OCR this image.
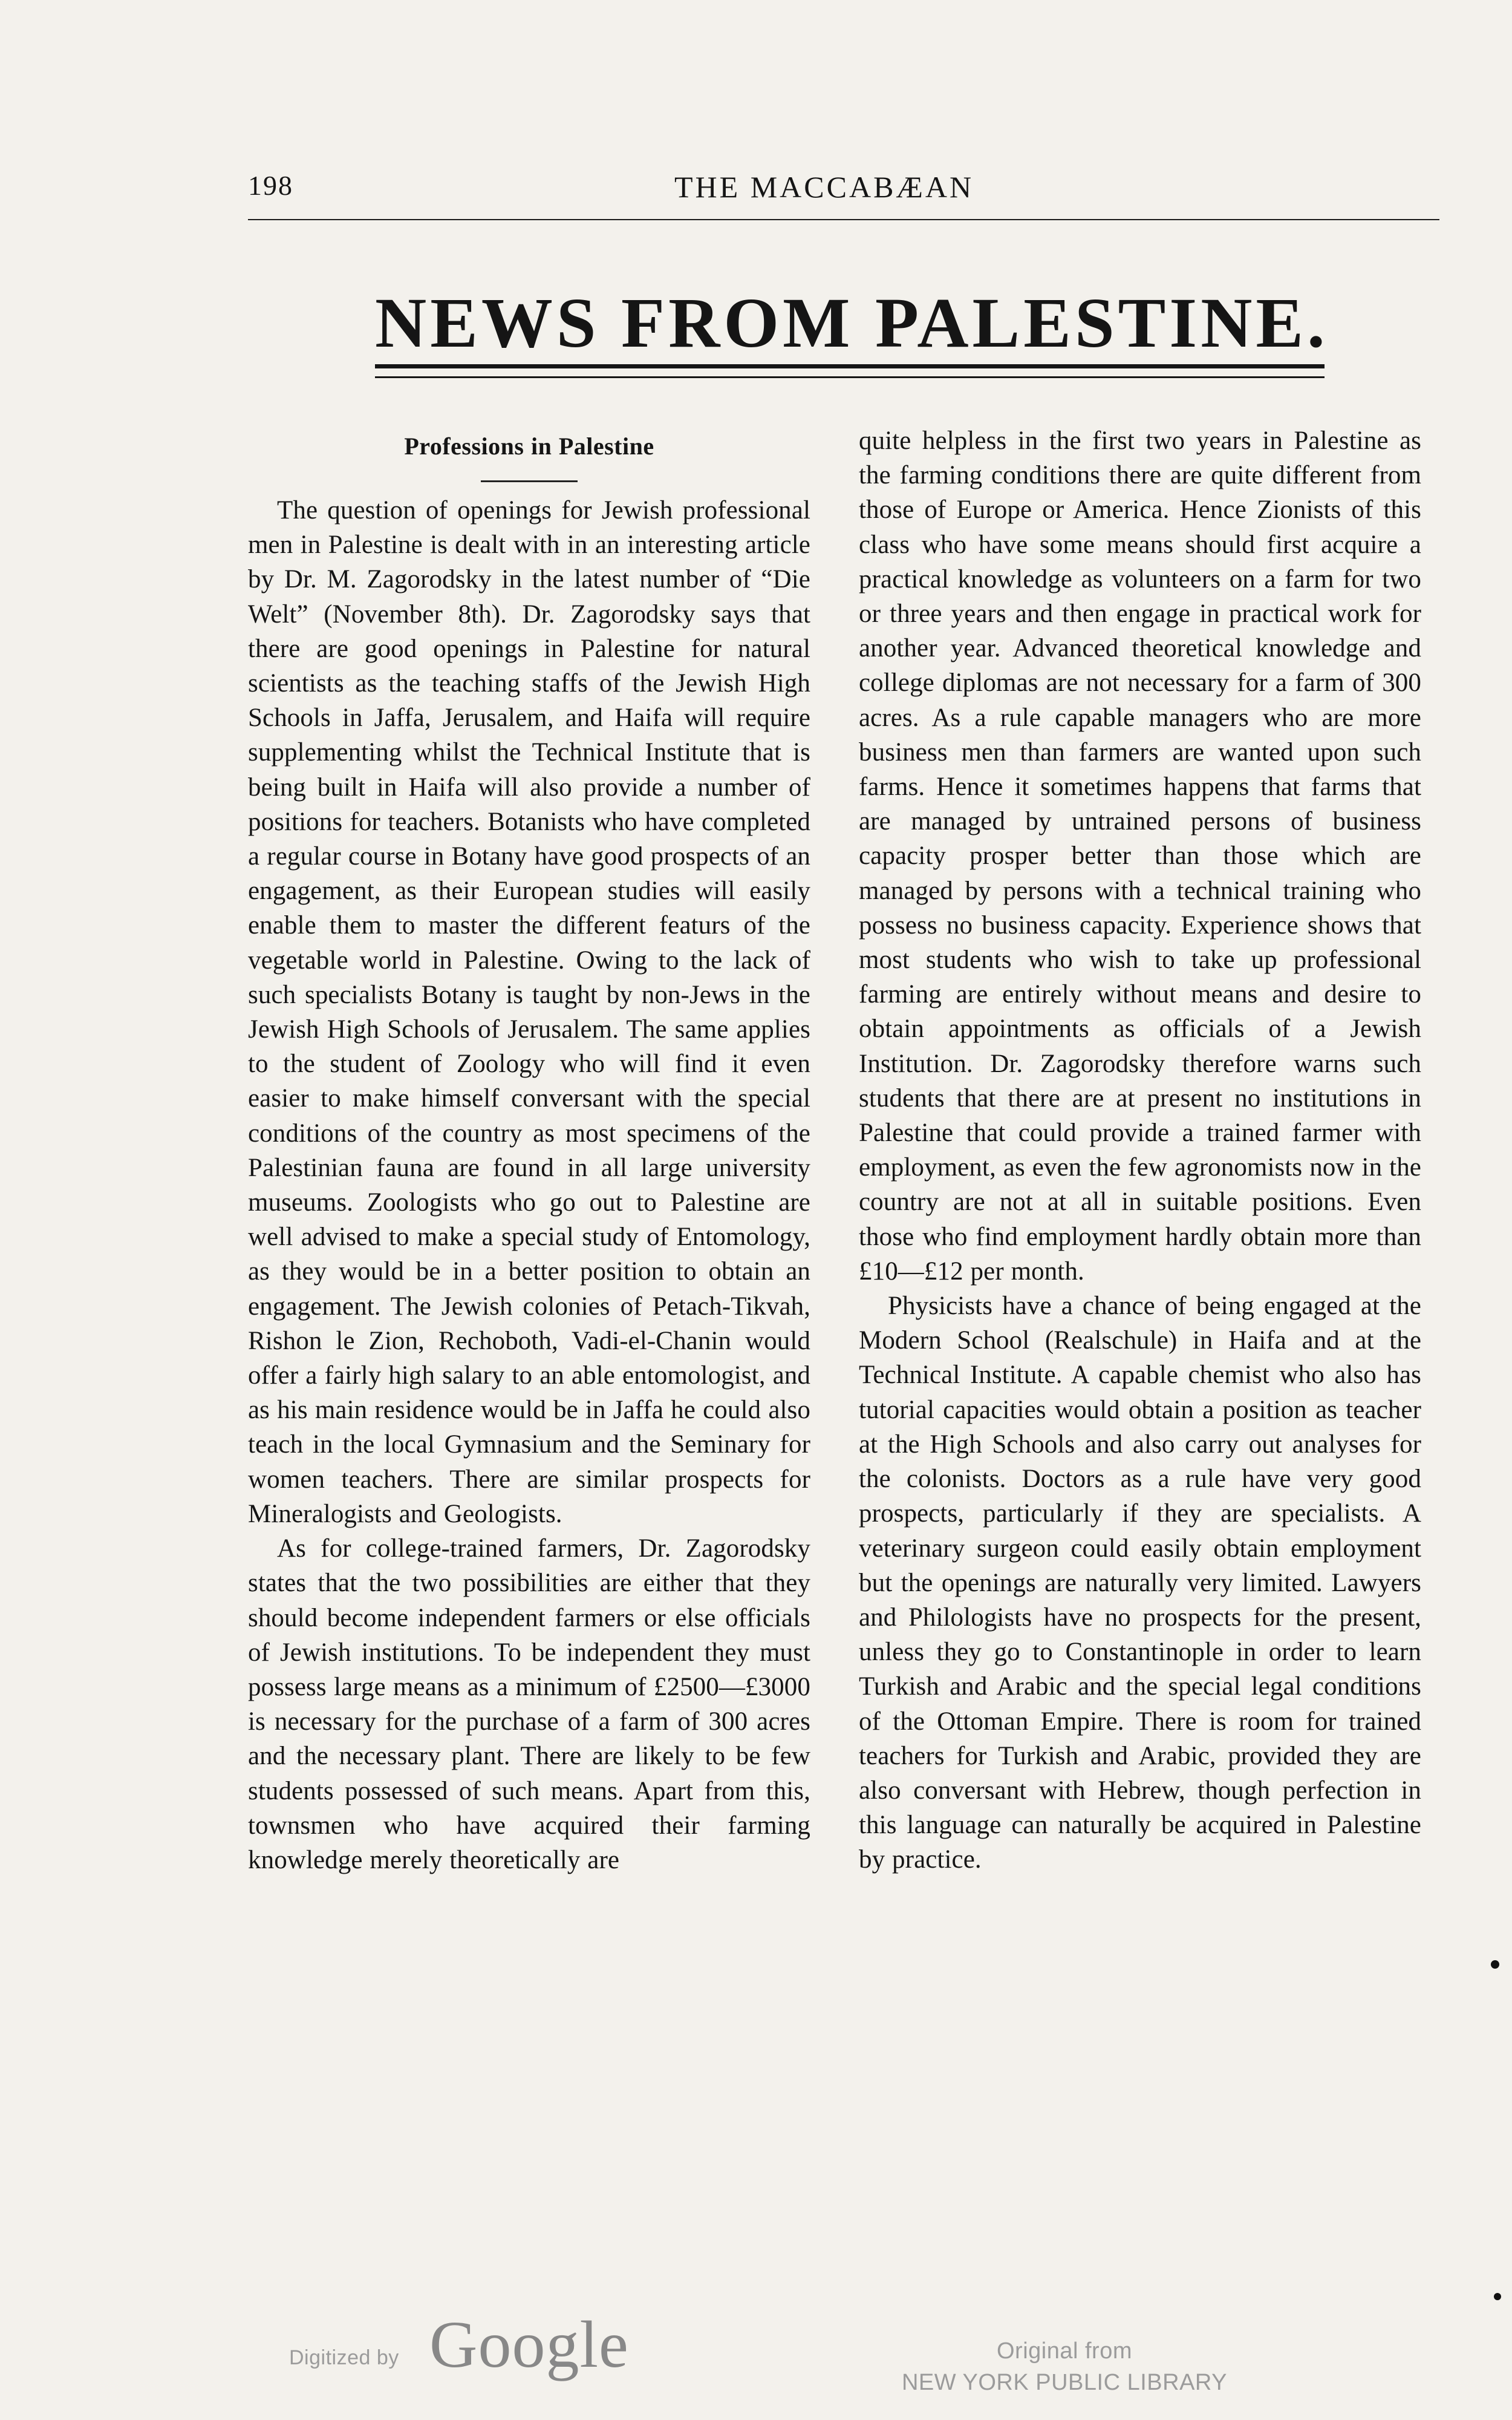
198	THE MACCABÆAN
NEWS FROM PALESTINE.
Professions in Palestine

The question of openings for Jewish professional men in Palestine is dealt with in an interesting article by Dr. M. Zagorodsky in the latest number of “Die Welt” (November 8th). Dr. Zagorodsky says that there are good openings in Palestine for natural scientists as the teaching staffs of the Jewish High Schools in Jaffa, Jerusalem, and Haifa will require supplementing whilst the Technical Institute that is being built in Haifa will also provide a number of positions for teachers. Botanists who have completed a regular course in Botany have good prospects of an engagement, as their European studies will easily enable them to master the different featurs of the vegetable world in Palestine. Owing to the lack of such specialists Botany is taught by non-Jews in the Jewish High Schools of Jerusalem. The same applies to the student of Zoology who will find it even easier to make himself conversant with the special conditions of the country as most specimens of the Palestinian fauna are found in all large university museums. Zoologists who go out to Palestine are well advised to make a special study of Entomology, as they would be in a better position to obtain an engagement. The Jewish colonies of Petach-Tikvah, Rishon le Zion, Rechoboth, Vadi-el-Chanin would offer a fairly high salary to an able entomologist, and as his main residence would be in Jaffa he could also teach in the local Gymnasium and the Seminary for women teachers. There are similar prospects for Mineralogists and Geologists.

As for college-trained farmers, Dr. Zagorodsky states that the two possibilities are either that they should become independent farmers or else officials of Jewish institutions. To be independent they must possess large means as a minimum of £2500—£3000 is necessary for the purchase of a farm of 300 acres and the necessary plant. There are likely to be few students possessed of such means. Apart from this, townsmen who have acquired their farming knowledge merely theoretically are

quite helpless in the first two years in Palestine as the farming conditions there are quite different from those of Europe or America. Hence Zionists of this class who have some means should first acquire a practical knowledge as volunteers on a farm for two or three years and then engage in practical work for another year. Advanced theoretical knowledge and college diplomas are not necessary for a farm of 300 acres. As a rule capable managers who are more business men than farmers are wanted upon such farms. Hence it sometimes happens that farms that are managed by untrained persons of business capacity prosper better than those which are managed by persons with a technical training who possess no business capacity. Experience shows that most students who wish to take up professional farming are entirely without means and desire to obtain appointments as officials of a Jewish Institution. Dr. Zagorodsky therefore warns such students that there are at present no institutions in Palestine that could provide a trained farmer with employment, as even the few agronomists now in the country are not at all in suitable positions. Even those who find employment hardly obtain more than £10—£12 per month.

Physicists have a chance of being engaged at the Modern School (Realschule) in Haifa and at the Technical Institute. A capable chemist who also has tutorial capacities would obtain a position as teacher at the High Schools and also carry out analyses for the colonists. Doctors as a rule have very good prospects, particularly if they are specialists. A veterinary surgeon could easily obtain employment but the openings are naturally very limited. Lawyers and Philologists have no prospects for the present, unless they go to Constantinople in order to learn Turkish and Arabic and the special legal conditions of the Ottoman Empire. There is room for trained teachers for Turkish and Arabic, provided they are also conversant with Hebrew, though perfection in this language can naturally be acquired in Palestine by practice.

Digitized by Google	Original from
NEW YORK PUBLIC LIBRARY
